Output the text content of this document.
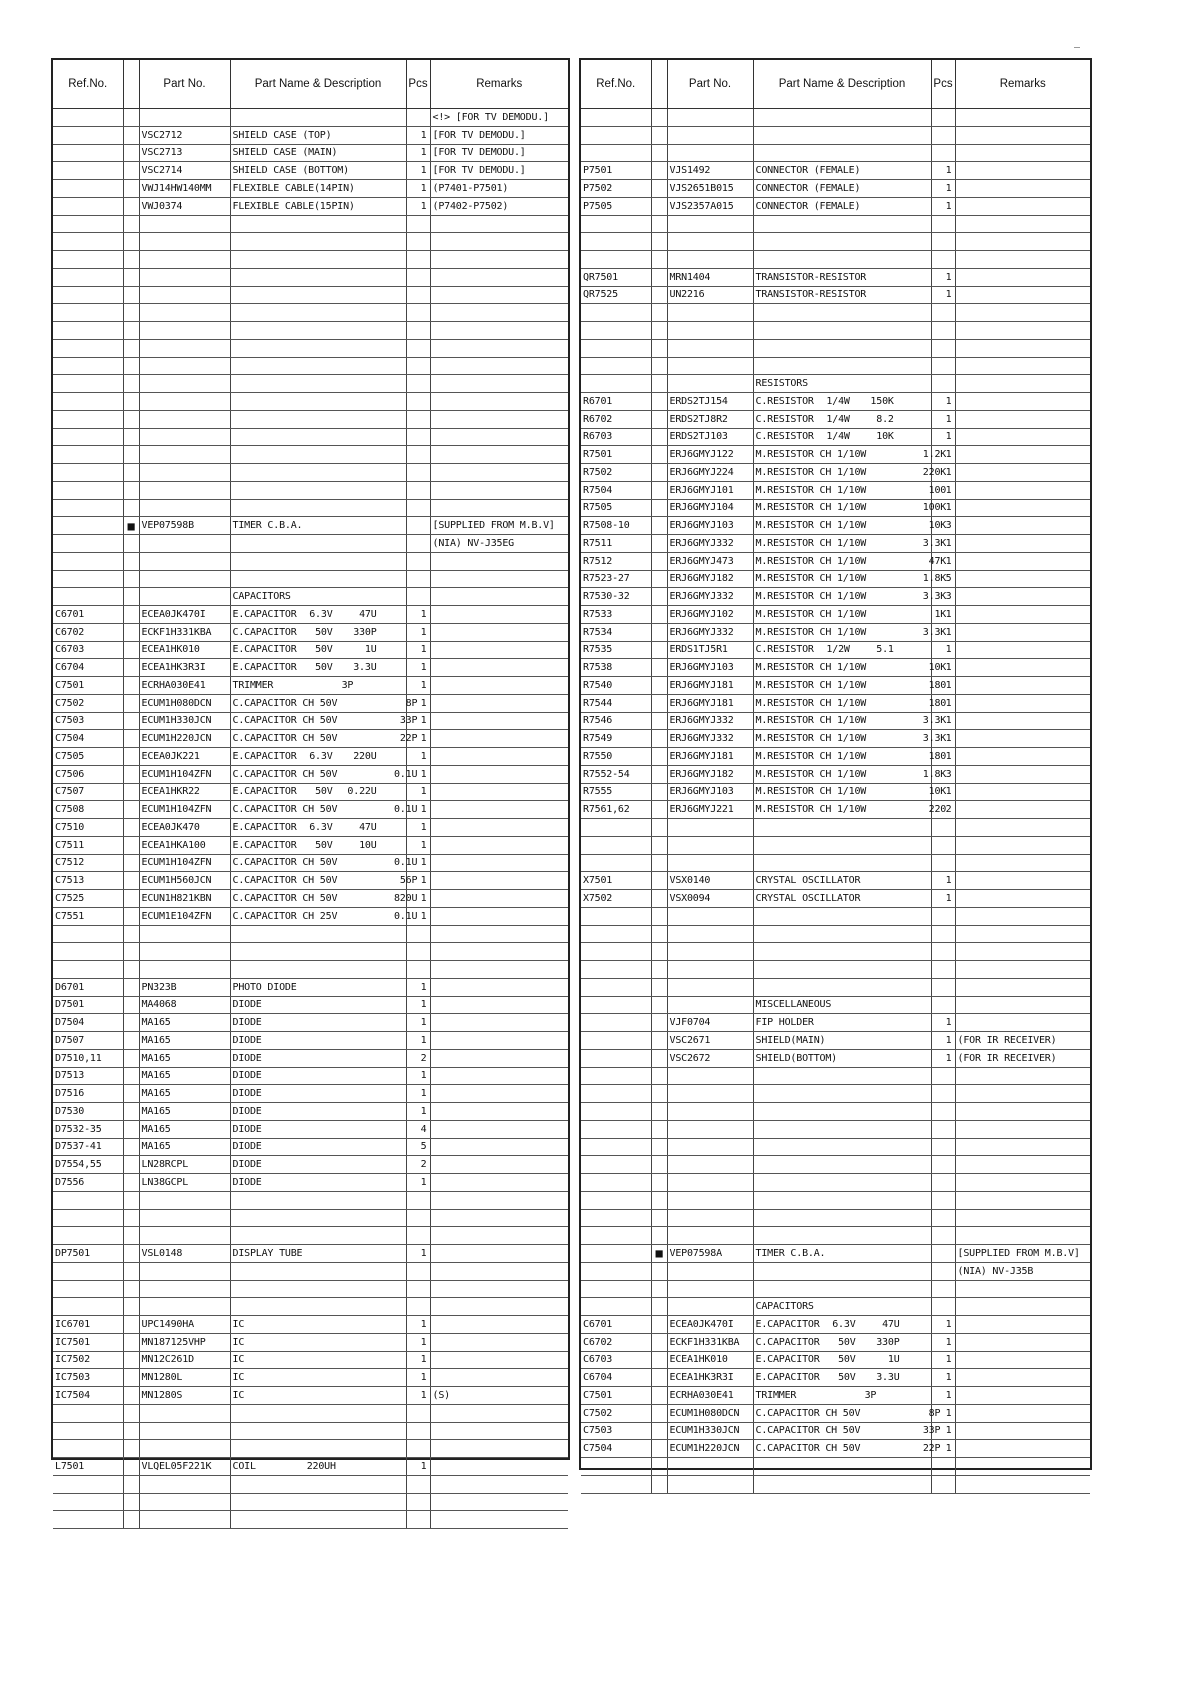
Ref.No.		Part No.	Part Name & Description	Pcs	Remarks
					<!> [FOR TV DEMODU.]
		VSC2712	SHIELD CASE (TOP)	1	[FOR TV DEMODU.]
		VSC2713	SHIELD CASE (MAIN)	1	[FOR TV DEMODU.]
		VSC2714	SHIELD CASE (BOTTOM)	1	[FOR TV DEMODU.]
		VWJ14HW140MM	FLEXIBLE CABLE(14PIN)	1	(P7401-P7501)
		VWJ0374	FLEXIBLE CABLE(15PIN)	1	(P7402-P7502)

	■	VEP07598B	TIMER C.B.A.		[SUPPLIED FROM M.B.V]
					(NIA) NV-J35EG

			CAPACITORS		
C6701		ECEA0JK470I	E.CAPACITOR 6.3V 47U	1	
C6702		ECKF1H331KBA	C.CAPACITOR 50V 330P	1	
C6703		ECEA1HK010	E.CAPACITOR 50V 1U	1	
C6704		ECEA1HK3R3I	E.CAPACITOR 50V 3.3U	1	
C7501		ECRHA030E41	TRIMMER 3P	1	
C7502		ECUM1H080DCN	C.CAPACITOR CH 50V 8P	1	
C7503		ECUM1H330JCN	C.CAPACITOR CH 50V 33P	1	
C7504		ECUM1H220JCN	C.CAPACITOR CH 50V 22P	1	
C7505		ECEA0JK221	E.CAPACITOR 6.3V 220U	1	
C7506		ECUM1H104ZFN	C.CAPACITOR CH 50V 0.1U	1	
C7507		ECEA1HKR22	E.CAPACITOR 50V 0.22U	1	
C7508		ECUM1H104ZFN	C.CAPACITOR CH 50V 0.1U	1	
C7510		ECEA0JK470	E.CAPACITOR 6.3V 47U	1	
C7511		ECEA1HKA100	E.CAPACITOR 50V 10U	1	
C7512		ECUM1H104ZFN	C.CAPACITOR CH 50V 0.1U	1	
C7513		ECUM1H560JCN	C.CAPACITOR CH 50V 56P	1	
C7525		ECUN1H821KBN	C.CAPACITOR CH 50V 820U	1	
C7551		ECUM1E104ZFN	C.CAPACITOR CH 25V 0.1U	1	

D6701		PN323B	PHOTO DIODE	1	
D7501		MA4068	DIODE	1	
D7504		MA165	DIODE	1	
D7507		MA165	DIODE	1	
D7510,11		MA165	DIODE	2	
D7513		MA165	DIODE	1	
D7516		MA165	DIODE	1	
D7530		MA165	DIODE	1	
D7532-35		MA165	DIODE	4	
D7537-41		MA165	DIODE	5	
D7554,55		LN28RCPL	DIODE	2	
D7556		LN38GCPL	DIODE	1	

DP7501		VSL0148	DISPLAY TUBE	1	

IC6701		UPC1490HA	IC	1	
IC7501		MN187125VHP	IC	1	
IC7502		MN12C261D	IC	1	
IC7503		MN1280L	IC	1	
IC7504		MN1280S	IC	1	(S)

L7501		VLQEL05F221K	COIL 220UH	1	

Ref.No.		Part No.	Part Name & Description	Pcs	Remarks

P7501		VJS1492	CONNECTOR (FEMALE)	1	
P7502		VJS2651B015	CONNECTOR (FEMALE)	1	
P7505		VJS2357A015	CONNECTOR (FEMALE)	1	

QR7501		MRN1404	TRANSISTOR-RESISTOR	1	
QR7525		UN2216	TRANSISTOR-RESISTOR	1	

			RESISTORS		
R6701		ERDS2TJ154	C.RESISTOR 1/4W 150K	1	
R6702		ERDS2TJ8R2	C.RESISTOR 1/4W 8.2	1	
R6703		ERDS2TJ103	C.RESISTOR 1/4W 10K	1	
R7501		ERJ6GMYJ122	M.RESISTOR CH 1/10W 1.2K	1	
R7502		ERJ6GMYJ224	M.RESISTOR CH 1/10W 220K	1	
R7504		ERJ6GMYJ101	M.RESISTOR CH 1/10W 100	1	
R7505		ERJ6GMYJ104	M.RESISTOR CH 1/10W 100K	1	
R7508-10		ERJ6GMYJ103	M.RESISTOR CH 1/10W 10K	3	
R7511		ERJ6GMYJ332	M.RESISTOR CH 1/10W 3.3K	1	
R7512		ERJ6GMYJ473	M.RESISTOR CH 1/10W 47K	1	
R7523-27		ERJ6GMYJ182	M.RESISTOR CH 1/10W 1.8K	5	
R7530-32		ERJ6GMYJ332	M.RESISTOR CH 1/10W 3.3K	3	
R7533		ERJ6GMYJ102	M.RESISTOR CH 1/10W 1K	1	
R7534		ERJ6GMYJ332	M.RESISTOR CH 1/10W 3.3K	1	
R7535		ERDS1TJ5R1	C.RESISTOR 1/2W 5.1	1	
R7538		ERJ6GMYJ103	M.RESISTOR CH 1/10W 10K	1	
R7540		ERJ6GMYJ181	M.RESISTOR CH 1/10W 180	1	
R7544		ERJ6GMYJ181	M.RESISTOR CH 1/10W 180	1	
R7546		ERJ6GMYJ332	M.RESISTOR CH 1/10W 3.3K	1	
R7549		ERJ6GMYJ332	M.RESISTOR CH 1/10W 3.3K	1	
R7550		ERJ6GMYJ181	M.RESISTOR CH 1/10W 180	1	
R7552-54		ERJ6GMYJ182	M.RESISTOR CH 1/10W 1.8K	3	
R7555		ERJ6GMYJ103	M.RESISTOR CH 1/10W 10K	1	
R7561,62		ERJ6GMYJ221	M.RESISTOR CH 1/10W 220	2	

X7501		VSX0140	CRYSTAL OSCILLATOR	1	
X7502		VSX0094	CRYSTAL OSCILLATOR	1	

			MISCELLANEOUS		
		VJF0704	FIP HOLDER	1	
		VSC2671	SHIELD(MAIN)	1	(FOR IR RECEIVER)
		VSC2672	SHIELD(BOTTOM)	1	(FOR IR RECEIVER)

	■	VEP07598A	TIMER C.B.A.		[SUPPLIED FROM M.B.V]
					(NIA) NV-J35B

			CAPACITORS		
C6701		ECEA0JK470I	E.CAPACITOR 6.3V 47U	1	
C6702		ECKF1H331KBA	C.CAPACITOR 50V 330P	1	
C6703		ECEA1HK010	E.CAPACITOR 50V 1U	1	
C6704		ECEA1HK3R3I	E.CAPACITOR 50V 3.3U	1	
C7501		ECRHA030E41	TRIMMER 3P	1	
C7502		ECUM1H080DCN	C.CAPACITOR CH 50V 8P	1	
C7503		ECUM1H330JCN	C.CAPACITOR CH 50V 33P	1	
C7504		ECUM1H220JCN	C.CAPACITOR CH 50V 22P	1	
